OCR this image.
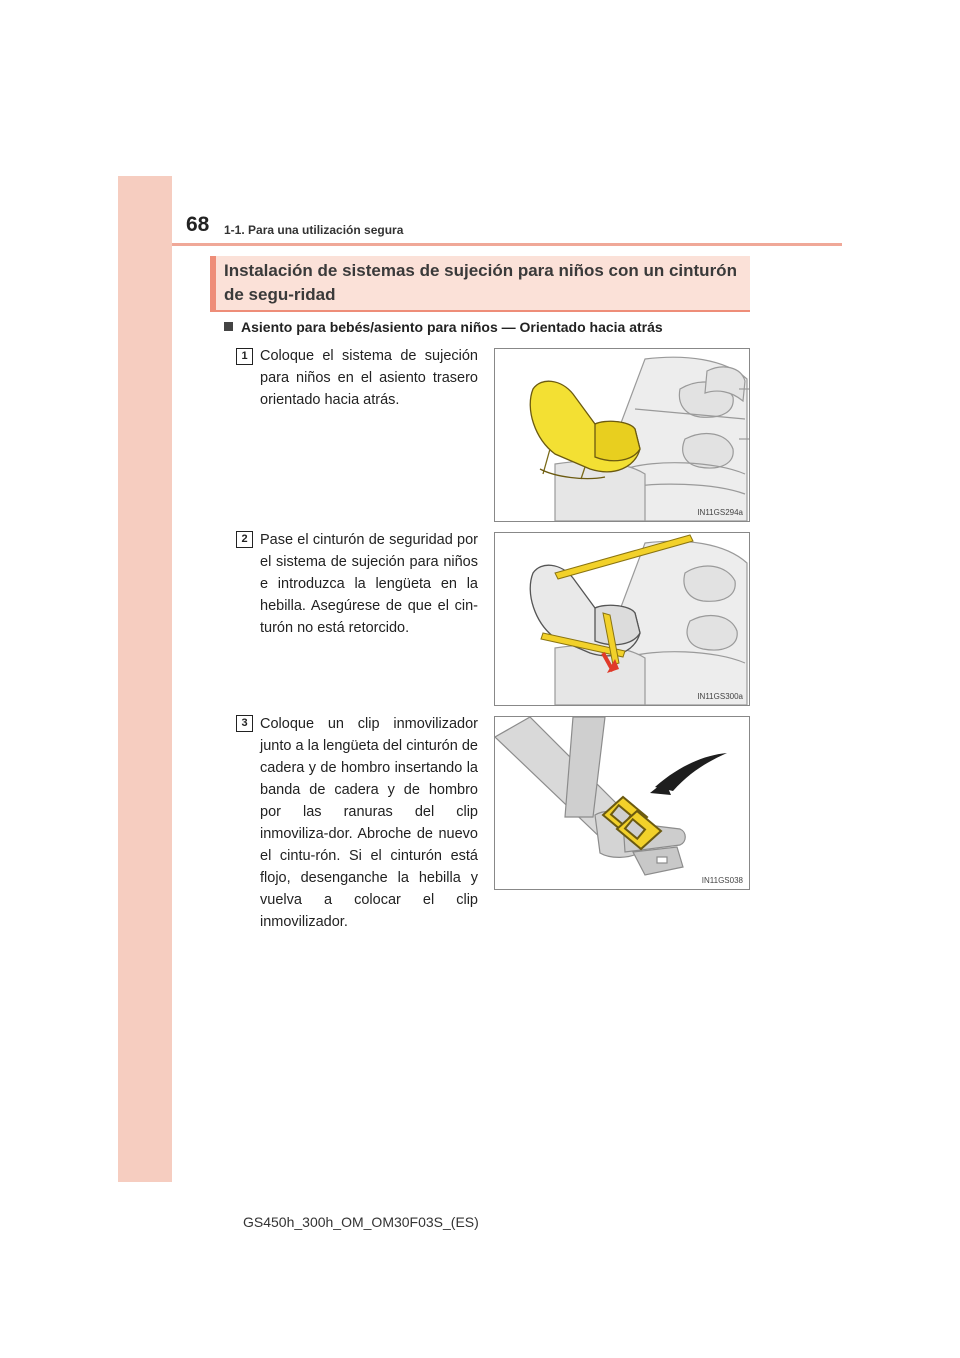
68 1-1. Para una utilización segura
Instalación de sistemas de sujeción para niños con un cinturón de segu-ridad
Asiento para bebés/asiento para niños — Orientado hacia atrás
1 Coloque el sistema de sujeción para niños en el asiento trasero orientado hacia atrás.
IN11GS294a
2 Pase el cinturón de seguridad por el sistema de sujeción para niños e introduzca la lengüeta en la hebilla. Asegúrese de que el cin-turón no está retorcido.
IN11GS300a
3 Coloque un clip inmovilizador junto a la lengüeta del cinturón de cadera y de hombro insertando la banda de cadera y de hombro por las ranuras del clip inmoviliza-dor. Abroche de nuevo el cintu-rón. Si el cinturón está flojo, desenganche la hebilla y vuelva a colocar el clip inmovilizador.
IN11GS038
GS450h_300h_OM_OM30F03S_(ES)
